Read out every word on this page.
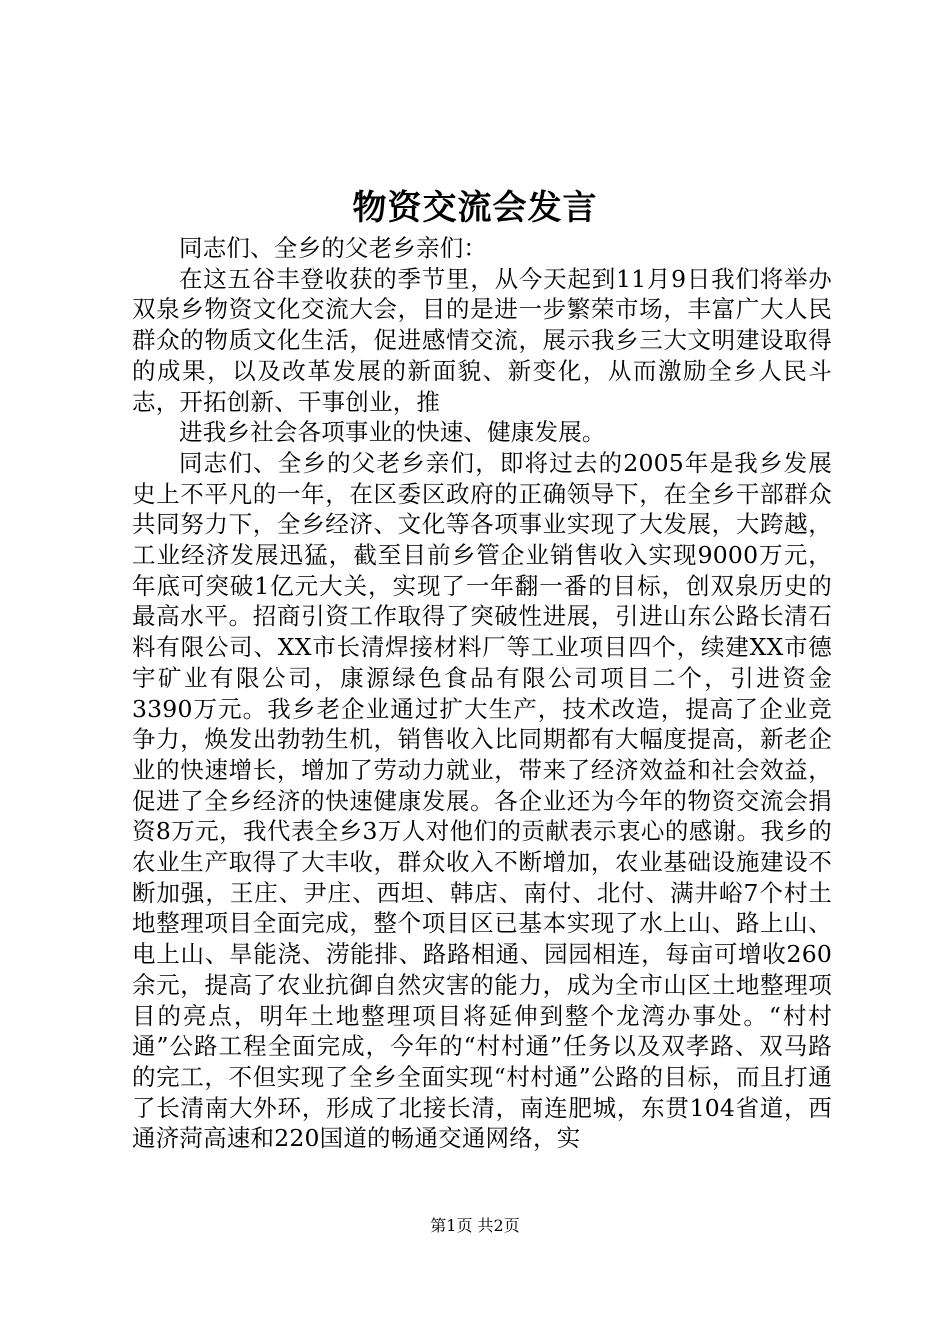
物资交流会发言

同志们、全乡的父老乡亲们：

在这五谷丰登收获的季节里，从今天起到11月9日我们将举办双泉乡物资文化交流大会，目的是进一步繁荣市场，丰富广大人民群众的物质文化生活，促进感情交流，展示我乡三大文明建设取得的成果，以及改革发展的新面貌、新变化，从而激励全乡人民斗志，开拓创新、干事创业，推

进我乡社会各项事业的快速、健康发展。

同志们、全乡的父老乡亲们，即将过去的2005年是我乡发展史上不平凡的一年，在区委区政府的正确领导下，在全乡干部群众共同努力下，全乡经济、文化等各项事业实现了大发展，大跨越，工业经济发展迅猛，截至目前乡管企业销售收入实现9000万元，年底可突破1亿元大关，实现了一年翻一番的目标，创双泉历史的最高水平。招商引资工作取得了突破性进展，引进山东公路长清石料有限公司、XX市长清焊接材料厂等工业项目四个，续建XX市德宇矿业有限公司，康源绿色食品有限公司项目二个，引进资金3390万元。我乡老企业通过扩大生产，技术改造，提高了企业竞争力，焕发出勃勃生机，销售收入比同期都有大幅度提高，新老企业的快速增长，增加了劳动力就业，带来了经济效益和社会效益，促进了全乡经济的快速健康发展。各企业还为今年的物资交流会捐资8万元，我代表全乡3万人对他们的贡献表示衷心的感谢。我乡的农业生产取得了大丰收，群众收入不断增加，农业基础设施建设不断加强，王庄、尹庄、西坦、韩店、南付、北付、满井峪7个村土地整理项目全面完成，整个项目区已基本实现了水上山、路上山、电上山、旱能浇、涝能排、路路相通、园园相连，每亩可增收260余元，提高了农业抗御自然灾害的能力，成为全市山区土地整理项目的亮点，明年土地整理项目将延伸到整个龙湾办事处。“村村通”公路工程全面完成，今年的“村村通”任务以及双孝路、双马路的完工，不但实现了全乡全面实现“村村通”公路的目标，而且打通了长清南大外环，形成了北接长清，南连肥城，东贯104省道，西通济菏高速和220国道的畅通交通网络，实

第1页 共2页
